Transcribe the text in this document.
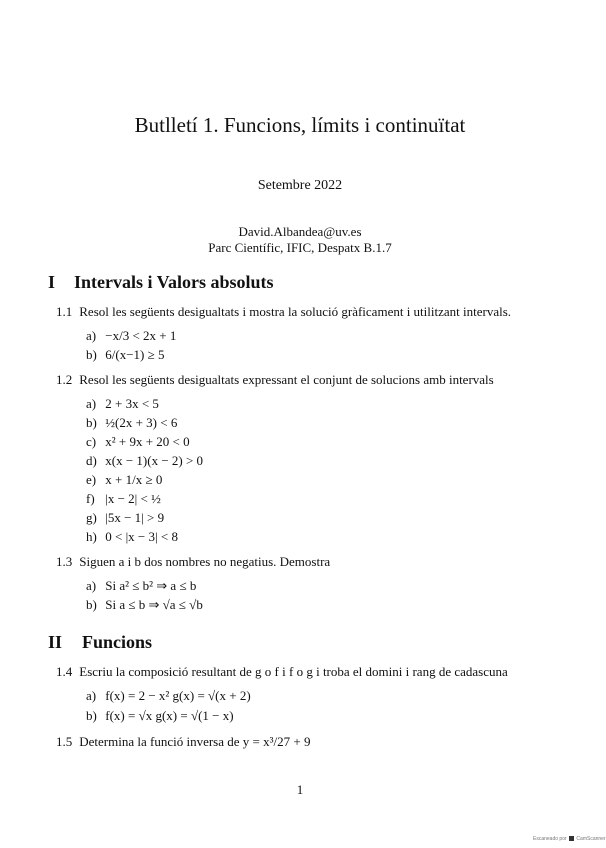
Butlletí 1. Funcions, límits i continuïtat
Setembre 2022
David.Albandea@uv.es
Parc Científic, IFIC, Despatx B.1.7
I Intervals i Valors absoluts
1.1 Resol les següents desigualtats i mostra la solució gràficament i utilitzant intervals.
a) −x/3 < 2x + 1
b) 6/(x−1) ≥ 5
1.2 Resol les següents desigualtats expressant el conjunt de solucions amb intervals
a) 2 + 3x < 5
b) ½(2x + 3) < 6
c) x² + 9x + 20 < 0
d) x(x − 1)(x − 2) > 0
e) x + 1/x ≥ 0
f) |x − 2| < ½
g) |5x − 1| > 9
h) 0 < |x − 3| < 8
1.3 Siguen a i b dos nombres no negatius. Demostra
a) Si a² ≤ b² ⇒ a ≤ b
b) Si a ≤ b ⇒ √a ≤ √b
II Funcions
1.4 Escriu la composició resultant de g o f i f o g i troba el domini i rang de cadascuna
a) f(x) = 2 − x² g(x) = √(x + 2)
b) f(x) = √x g(x) = √(1 − x)
1.5 Determina la funció inversa de y = x³/27 + 9
1
Escaneado por CamScanner
